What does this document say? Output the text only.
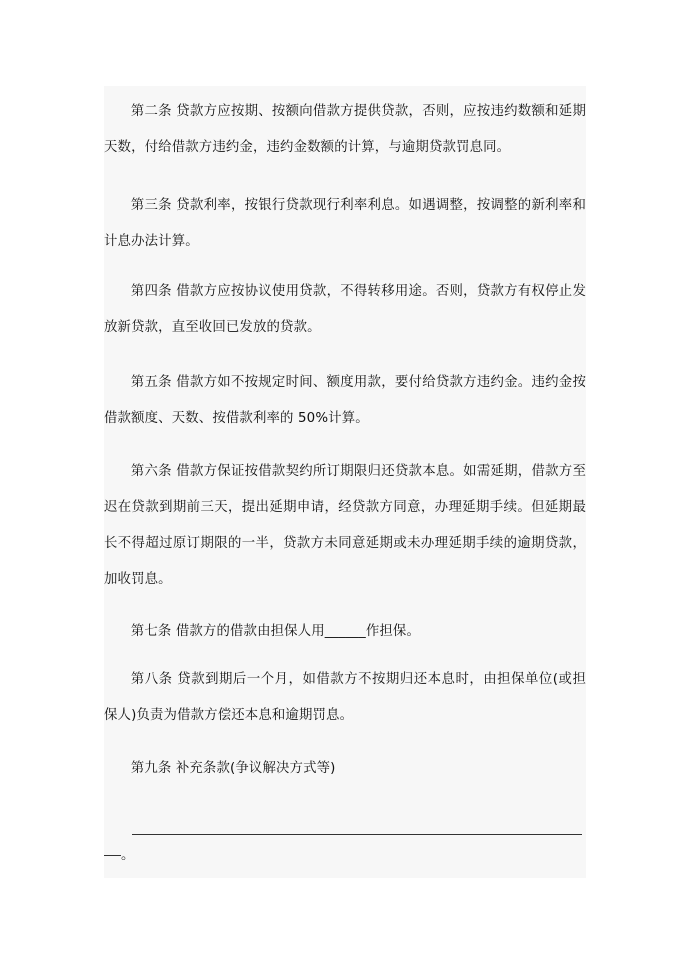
第二条 贷款方应按期、按额向借款方提供贷款，否则，应按违约数额和延期天数，付给借款方违约金，违约金数额的计算，与逾期贷款罚息同。

第三条 贷款利率，按银行贷款现行利率利息。如遇调整，按调整的新利率和计息办法计算。

第四条 借款方应按协议使用贷款，不得转移用途。否则，贷款方有权停止发放新贷款，直至收回已发放的贷款。

第五条 借款方如不按规定时间、额度用款，要付给贷款方违约金。违约金按借款额度、天数、按借款利率的 50%计算。

第六条 借款方保证按借款契约所订期限归还贷款本息。如需延期，借款方至迟在贷款到期前三天，提出延期申请，经贷款方同意，办理延期手续。但延期最长不得超过原订期限的一半，贷款方未同意延期或未办理延期手续的逾期贷款，加收罚息。

第七条 借款方的借款由担保人用______作担保。

第八条 贷款到期后一个月，如借款方不按期归还本息时，由担保单位(或担保人)负责为借款方偿还本息和逾期罚息。

第九条 补充条款(争议解决方式等)

。
